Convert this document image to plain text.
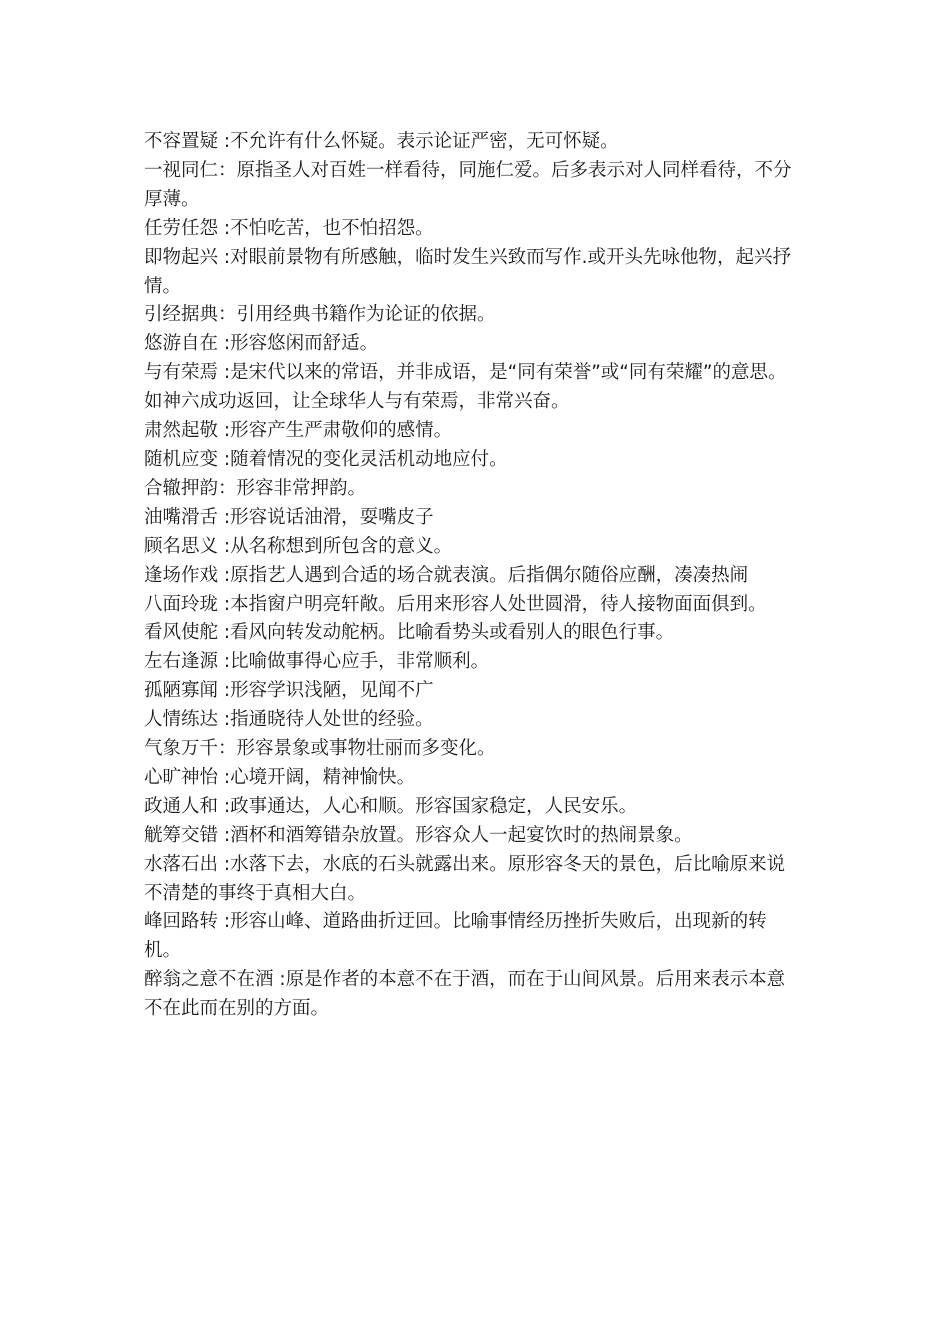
不容置疑 :不允许有什么怀疑。表示论证严密，无可怀疑。
一视同仁：原指圣人对百姓一样看待，同施仁爱。后多表示对人同样看待，不分厚薄。
任劳任怨 :不怕吃苦，也不怕招怨。
即物起兴 :对眼前景物有所感触，临时发生兴致而写作.或开头先咏他物，起兴抒情。
引经据典：引用经典书籍作为论证的依据。
悠游自在 :形容悠闲而舒适。
与有荣焉 :是宋代以来的常语，并非成语，是“同有荣誉”或“同有荣耀”的意思。如神六成功返回，让全球华人与有荣焉，非常兴奋。
肃然起敬 :形容产生严肃敬仰的感情。
随机应变 :随着情况的变化灵活机动地应付。
合辙押韵：形容非常押韵。
油嘴滑舌 :形容说话油滑，耍嘴皮子
顾名思义 :从名称想到所包含的意义。
逢场作戏 :原指艺人遇到合适的场合就表演。后指偶尔随俗应酬，凑凑热闹
八面玲珑 :本指窗户明亮轩敞。后用来形容人处世圆滑，待人接物面面俱到。
看风使舵 :看风向转发动舵柄。比喻看势头或看别人的眼色行事。
左右逢源 :比喻做事得心应手，非常顺利。
孤陋寡闻 :形容学识浅陋，见闻不广
人情练达 :指通晓待人处世的经验。
气象万千：形容景象或事物壮丽而多变化。
心旷神怡 :心境开阔，精神愉快。
政通人和 :政事通达，人心和顺。形容国家稳定，人民安乐。
觥筹交错 :酒杯和酒筹错杂放置。形容众人一起宴饮时的热闹景象。
水落石出 :水落下去，水底的石头就露出来。原形容冬天的景色，后比喻原来说不清楚的事终于真相大白。
峰回路转 :形容山峰、道路曲折迂回。比喻事情经历挫折失败后，出现新的转机。
醉翁之意不在酒 :原是作者的本意不在于酒，而在于山间风景。后用来表示本意不在此而在别的方面。
